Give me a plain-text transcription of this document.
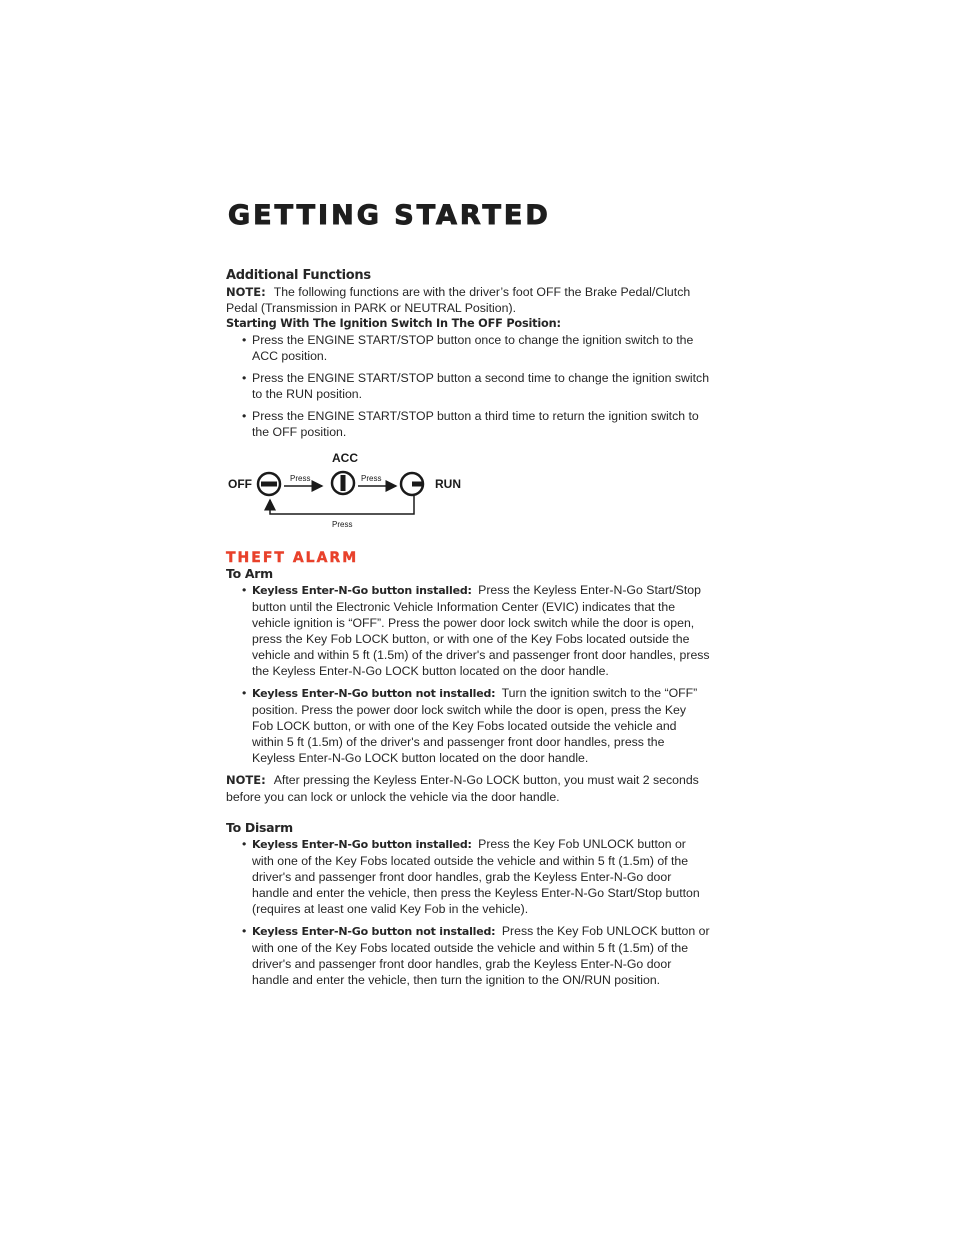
GETTING STARTED

Additional Functions

NOTE: The following functions are with the driver’s foot OFF the Brake Pedal/Clutch Pedal (Transmission in PARK or NEUTRAL Position).

Starting With The Ignition Switch In The OFF Position:

• Press the ENGINE START/STOP button once to change the ignition switch to the ACC position.
• Press the ENGINE START/STOP button a second time to change the ignition switch to the RUN position.
• Press the ENGINE START/STOP button a third time to return the ignition switch to the OFF position.
OFF	Press
ACC
Press	RUN
Press

THEFT ALARM

To Arm

• Keyless Enter-N-Go button installed: Press the Keyless Enter-N-Go Start/Stop button until the Electronic Vehicle Information Center (EVIC) indicates that the vehicle ignition is “OFF”. Press the power door lock switch while the door is open, press the Key Fob LOCK button, or with one of the Key Fobs located outside the vehicle and within 5 ft (1.5m) of the driver's and passenger front door handles, press the Keyless Enter-N-Go LOCK button located on the door handle.
• Keyless Enter-N-Go button not installed: Turn the ignition switch to the “OFF” position. Press the power door lock switch while the door is open, press the Key Fob LOCK button, or with one of the Key Fobs located outside the vehicle and within 5 ft (1.5m) of the driver's and passenger front door handles, press the Keyless Enter-N-Go LOCK button located on the door handle.

NOTE: After pressing the Keyless Enter-N-Go LOCK button, you must wait 2 seconds before you can lock or unlock the vehicle via the door handle.

To Disarm

• Keyless Enter-N-Go button installed: Press the Key Fob UNLOCK button or with one of the Key Fobs located outside the vehicle and within 5 ft (1.5m) of the driver's and passenger front door handles, grab the Keyless Enter-N-Go door handle and enter the vehicle, then press the Keyless Enter-N-Go Start/Stop button (requires at least one valid Key Fob in the vehicle).
• Keyless Enter-N-Go button not installed: Press the Key Fob UNLOCK button or with one of the Key Fobs located outside the vehicle and within 5 ft (1.5m) of the driver's and passenger front door handles, grab the Keyless Enter-N-Go door handle and enter the vehicle, then turn the ignition to the ON/RUN position.
